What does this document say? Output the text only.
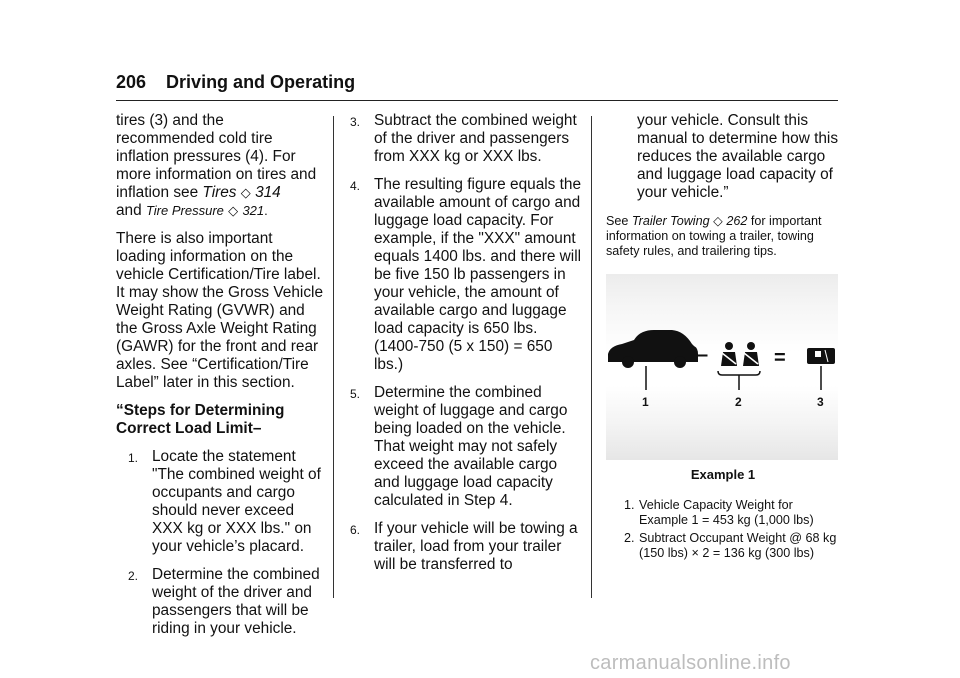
206 Driving and Operating

tires (3) and the recommended cold tire inflation pressures (4). For more information on tires and inflation see Tires ◇ 314
and Tire Pressure ◇ 321.

There is also important loading information on the vehicle Certification/Tire label. It may show the Gross Vehicle Weight Rating (GVWR) and the Gross Axle Weight Rating (GAWR) for the front and rear axles. See “Certification/Tire Label” later in this section.

“Steps for Determining Correct Load Limit–

1. Locate the statement "The combined weight of occupants and cargo should never exceed XXX kg or XXX lbs." on your vehicle’s placard.
2. Determine the combined weight of the driver and passengers that will be riding in your vehicle.
3. Subtract the combined weight of the driver and passengers from XXX kg or XXX lbs.
4. The resulting figure equals the available amount of cargo and luggage load capacity. For example, if the "XXX" amount equals 1400 lbs. and there will be five 150 lb passengers in your vehicle, the amount of available cargo and luggage load capacity is 650 lbs. (1400-750 (5 x 150) = 650 lbs.)
5. Determine the combined weight of luggage and cargo being loaded on the vehicle. That weight may not safely exceed the available cargo and luggage load capacity calculated in Step 4.
6. If your vehicle will be towing a trailer, load from your trailer will be transferred to

your vehicle. Consult this manual to determine how this reduces the available cargo and luggage load capacity of your vehicle.”

See Trailer Towing ◇ 262 for important information on towing a trailer, towing safety rules, and trailering tips.

–	=
1	2	3
Example 1
1. Vehicle Capacity Weight for Example 1 = 453 kg (1,000 lbs)
2. Subtract Occupant Weight @ 68 kg (150 lbs) × 2 = 136 kg (300 lbs)
carmanualsonline.info
